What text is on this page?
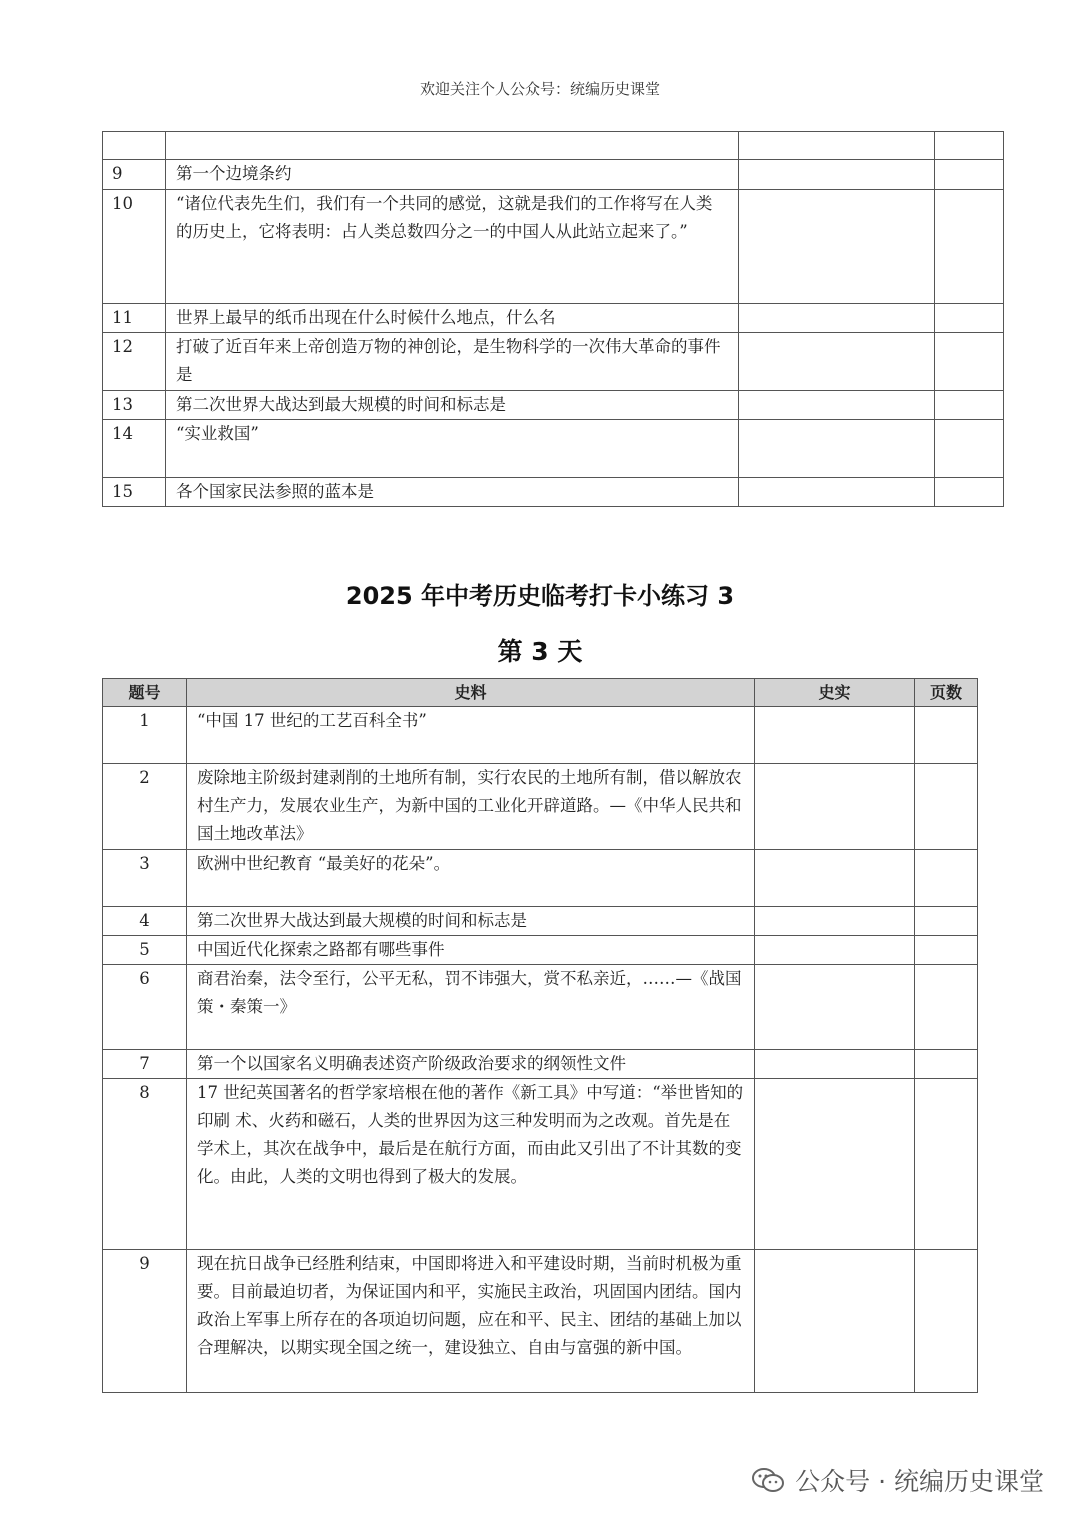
欢迎关注个人公众号：统编历史课堂

9	第一个边境条约		
10	“诸位代表先生们，我们有一个共同的感觉，这就是我们的工作将写在人类的历史上，它将表明：占人类总数四分之一的中国人从此站立起来了。”		
11	世界上最早的纸币出现在什么时候什么地点，什么名		
12	打破了近百年来上帝创造万物的神创论，是生物科学的一次伟大革命的事件是		
13	第二次世界大战达到最大规模的时间和标志是		
14	“实业救国”		
15	各个国家民法参照的蓝本是		
2025 年中考历史临考打卡小练习 3
第 3 天
题号	史料	史实	页数
1	“中国 17 世纪的工艺百科全书”		
2	废除地主阶级封建剥削的土地所有制，实行农民的土地所有制，借以解放农村生产力，发展农业生产，为新中国的工业化开辟道路。—《中华人民共和国土地改革法》		
3	欧洲中世纪教育 “最美好的花朵”。		
4	第二次世界大战达到最大规模的时间和标志是		
5	中国近代化探索之路都有哪些事件		
6	商君治秦，法令至行，公平无私，罚不讳强大，赏不私亲近，……—《战国策・秦策一》		
7	第一个以国家名义明确表述资产阶级政治要求的纲领性文件		
8	17 世纪英国著名的哲学家培根在他的著作《新工具》中写道：“举世皆知的印刷 术、火药和磁石，人类的世界因为这三种发明而为之改观。首先是在学术上，其次在战争中，最后是在航行方面，而由此又引出了不计其数的变化。由此，人类的文明也得到了极大的发展。		
9	现在抗日战争已经胜利结束，中国即将进入和平建设时期，当前时机极为重要。目前最迫切者，为保证国内和平，实施民主政治，巩固国内团结。国内政治上军事上所存在的各项迫切问题，应在和平、民主、团结的基础上加以合理解决，以期实现全国之统一，建设独立、自由与富强的新中国。		
公众号 · 统编历史课堂
